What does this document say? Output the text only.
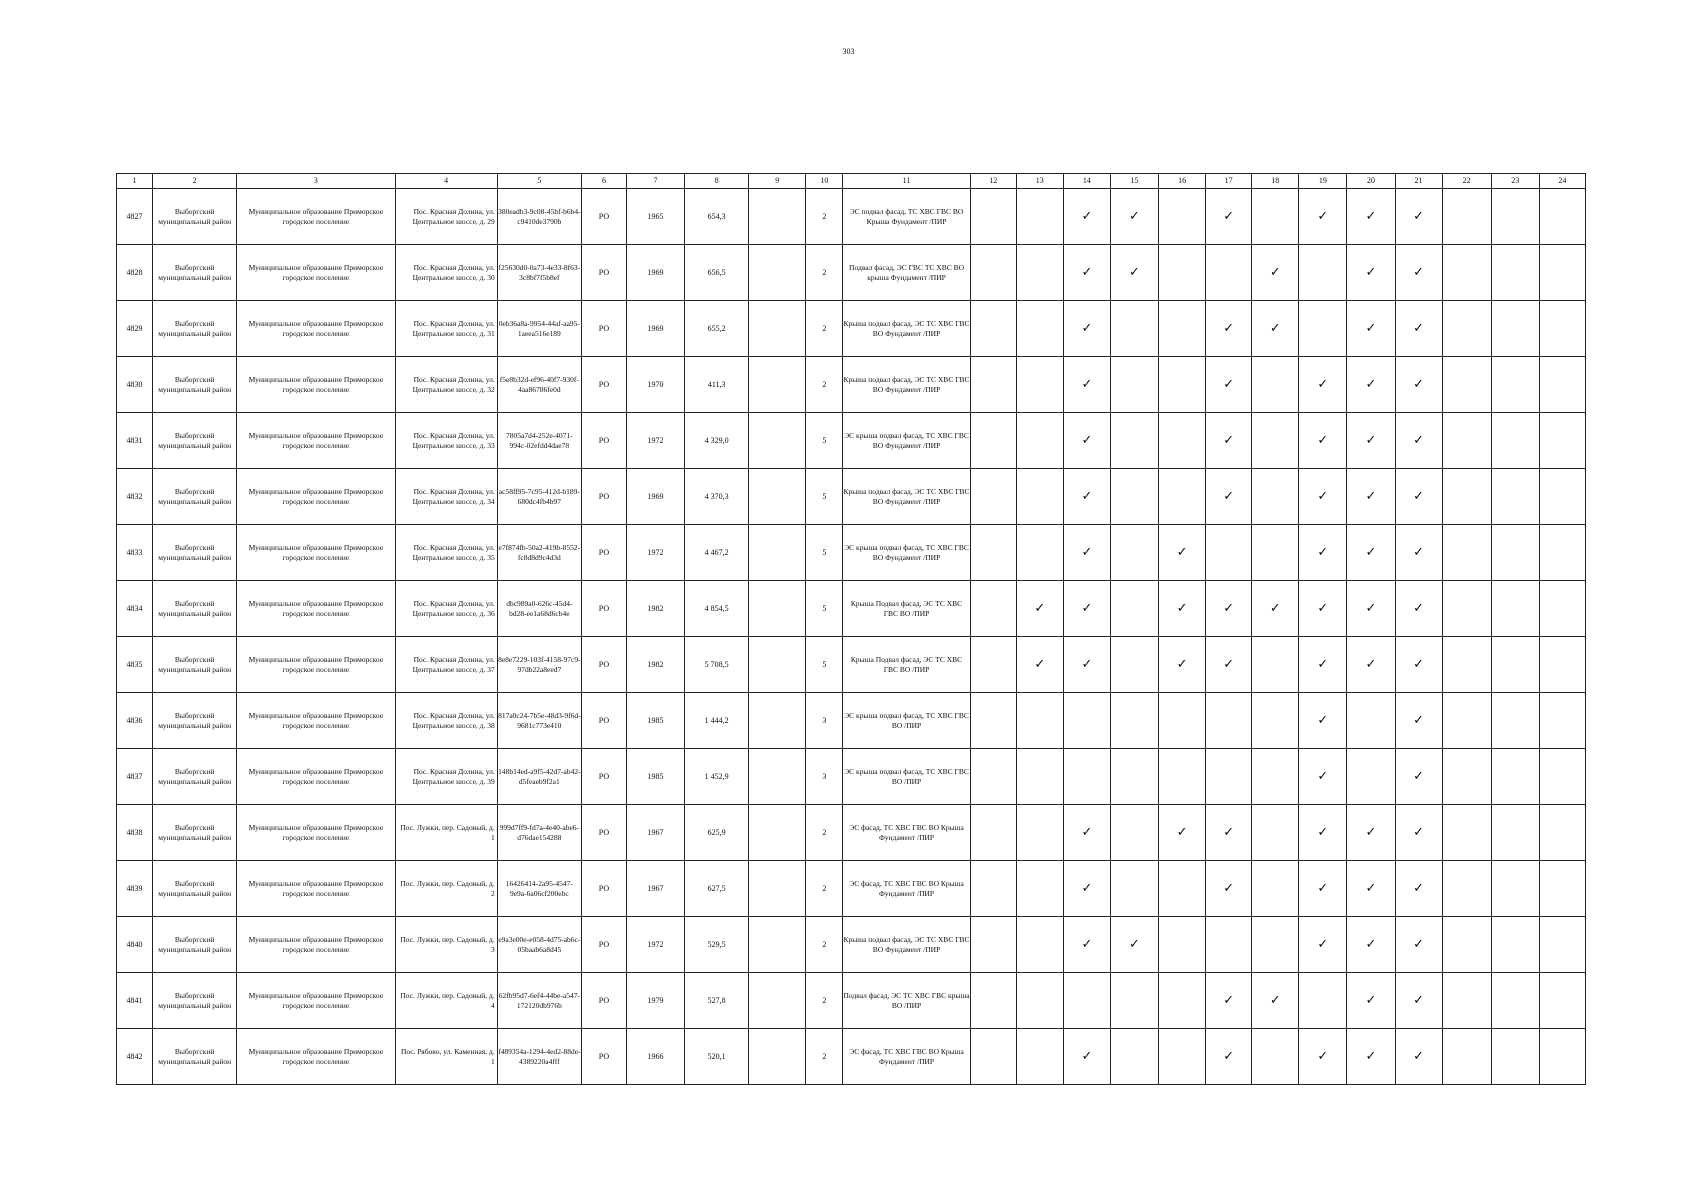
303
1	2	3	4	5	6	7	8	9	10	11	12	13	14	15	16	17	18	19	20	21	22	23	24
4827	Выборгский муниципальный район	Муниципальное образование Приморское городское поселение	Пос. Красная Долина, ул. Центральное шоссе, д. 29	380eadb3-9c08-45bf-b6b4-c9410de3790b	РО	1965	654,3		2	ЭС подвал фасад, ТС ХВС ГВС ВО Крыша Фундамент /ПИР			✓	✓		✓		✓	✓	✓			
4828	Выборгский муниципальный район	Муниципальное образование Приморское городское поселение	Пос. Красная Долина, ул. Центральное шоссе, д. 30	f25630d0-0a73-4e33-8f63-3c8bf7f5b8ef	РО	1969	656,5		2	Подвал фасад, ЭС ГВС ТС ХВС ВО крыша Фундамент /ПИР			✓	✓			✓		✓	✓			
4829	Выборгский муниципальный район	Муниципальное образование Приморское городское поселение	Пос. Красная Долина, ул. Центральное шоссе, д. 31	0eb36a8a-9954-44af-aa95-1aeea516e189	РО	1969	655,2		2	Крыша подвал фасад, ЭС ТС ХВС ГВС ВО Фундамент /ПИР			✓			✓	✓		✓	✓			
4830	Выборгский муниципальный район	Муниципальное образование Приморское городское поселение	Пос. Красная Долина, ул. Центральное шоссе, д. 32	f5e8b32d-ef96-40f7-930f-4aa86786fe0d	РО	1970	411,3		2	Крыша подвал фасад, ЭС ТС ХВС ГВС ВО Фундамент /ПИР			✓			✓		✓	✓	✓			
4831	Выборгский муниципальный район	Муниципальное образование Приморское городское поселение	Пос. Красная Долина, ул. Центральное шоссе, д. 33	7805a7d4-252e-4071-994c-02efdd4dae78	РО	1972	4 329,0		5	ЭС крыша подвал фасад, ТС ХВС ГВС ВО Фундамент /ПИР			✓			✓		✓	✓	✓			
4832	Выборгский муниципальный район	Муниципальное образование Приморское городское поселение	Пос. Красная Долина, ул. Центральное шоссе, д. 34	ac58ff95-7c95-412d-b189-680dc4fb4b97	РО	1969	4 370,3		5	Крыша подвал фасад, ЭС ТС ХВС ГВС ВО Фундамент /ПИР			✓			✓		✓	✓	✓			
4833	Выборгский муниципальный район	Муниципальное образование Приморское городское поселение	Пос. Красная Долина, ул. Центральное шоссе, д. 35	e7f874fb-50a2-419b-8552-fc8d8d9c4d3d	РО	1972	4 467,2		5	ЭС крыша подвал фасад, ТС ХВС ГВС ВО Фундамент /ПИР			✓		✓			✓	✓	✓			
4834	Выборгский муниципальный район	Муниципальное образование Приморское городское поселение	Пос. Красная Долина, ул. Центральное шоссе, д. 36	dbc989a0-626c-45d4-bd28-ee1a68d6cb4e	РО	1982	4 854,5		5	Крыша Подвал фасад, ЭС ТС ХВС ГВС ВО /ПИР		✓	✓		✓	✓	✓	✓	✓	✓			
4835	Выборгский муниципальный район	Муниципальное образование Приморское городское поселение	Пос. Красная Долина, ул. Центральное шоссе, д. 37	8e8e7229-103f-4158-97c9-97db22a8eed7	РО	1982	5 708,5		5	Крыша Подвал фасад, ЭС ТС ХВС ГВС ВО /ПИР		✓	✓		✓	✓		✓	✓	✓			
4836	Выборгский муниципальный район	Муниципальное образование Приморское городское поселение	Пос. Красная Долина, ул. Центральное шоссе, д. 38	817a0c24-7b5e-48d3-9f6d-9681c773e410	РО	1985	1 444,2		3	ЭС крыша подвал фасад, ТС ХВС ГВС ВО /ПИР								✓		✓			
4837	Выборгский муниципальный район	Муниципальное образование Приморское городское поселение	Пос. Красная Долина, ул. Центральное шоссе, д. 39	148b14ed-a9f5-42d7-ab42-d5feaeb9f2a1	РО	1985	1 452,9		3	ЭС крыша подвал фасад, ТС ХВС ГВС ВО /ПИР								✓		✓			
4838	Выборгский муниципальный район	Муниципальное образование Приморское городское поселение	Пос. Лужки, пер. Садовый, д. 1	999d7ff9-fd7a-4e40-abe6-d76dae154288	РО	1967	625,9		2	ЭС фасад, ТС ХВС ГВС ВО Крыша Фундамент /ПИР			✓		✓	✓		✓	✓	✓			
4839	Выборгский муниципальный район	Муниципальное образование Приморское городское поселение	Пос. Лужки, пер. Садовый, д. 2	16426414-2a95-4547-9e9a-6a06cf200ebc	РО	1967	627,5		2	ЭС фасад, ТС ХВС ГВС ВО Крыша Фундамент /ПИР			✓			✓		✓	✓	✓			
4840	Выборгский муниципальный район	Муниципальное образование Приморское городское поселение	Пос. Лужки, пер. Садовый, д. 3	e9a3e00e-e058-4d75-ab6c-05baab6a8d45	РО	1972	529,5		2	Крыша подвал фасад, ЭС ТС ХВС ГВС ВО Фундамент /ПИР			✓	✓				✓	✓	✓			
4841	Выборгский муниципальный район	Муниципальное образование Приморское городское поселение	Пос. Лужки, пер. Садовый, д. 4	62fb95d7-6ef4-44be-a547-172120db976b	РО	1979	527,8		2	Подвал фасад, ЭС ТС ХВС ГВС крыша ВО /ПИР						✓	✓		✓	✓			
4842	Выборгский муниципальный район	Муниципальное образование Приморское городское поселение	Пос. Рябово, ул. Каменная, д. 1	f489354a-1294-4ed2-88de-4389220a4fff	РО	1966	520,1		2	ЭС фасад, ТС ХВС ГВС ВО Крыша Фундамент /ПИР			✓			✓		✓	✓	✓			
